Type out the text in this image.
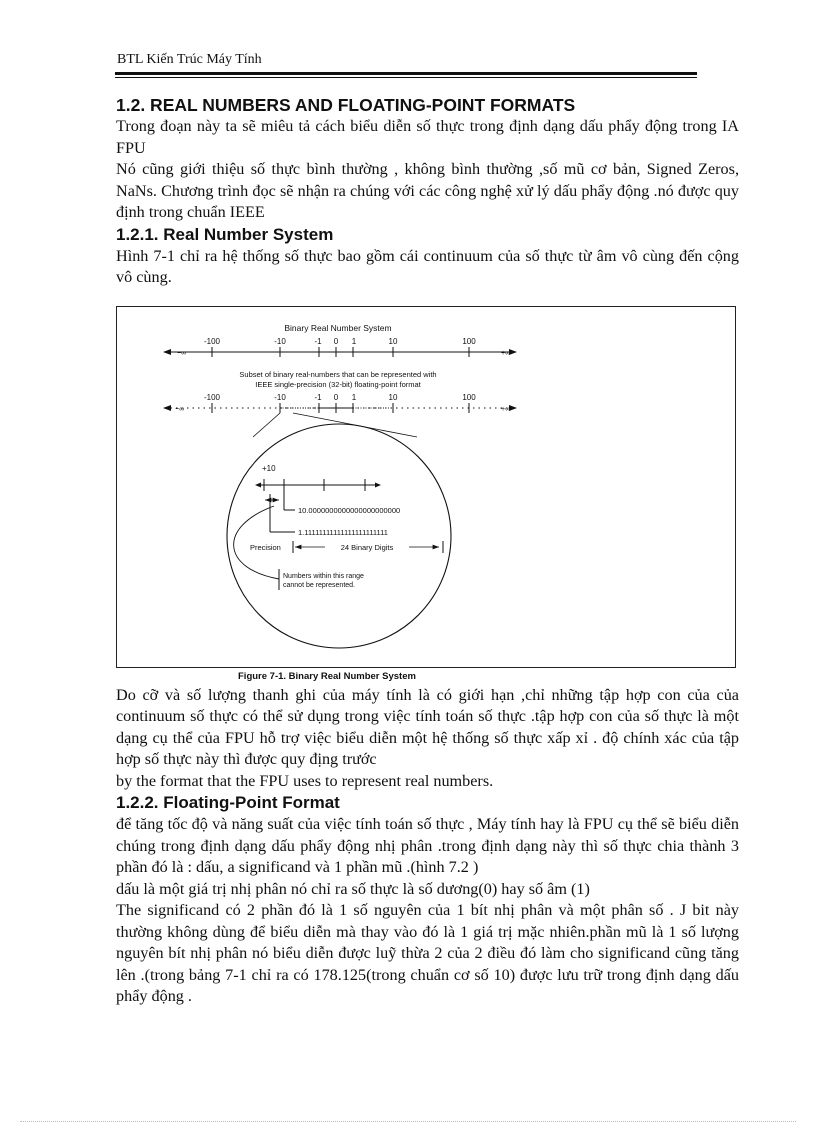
BTL Kiến Trúc Máy Tính
1.2. REAL NUMBERS AND FLOATING-POINT FORMATS

Trong đoạn này ta sẽ miêu tả cách biểu diễn số thực trong định dạng dấu phẩy động trong IA FPU

Nó cũng giới thiệu số thực bình thường , không bình thường ,số mũ cơ bản, Signed Zeros, NaNs. Chương trình đọc sẽ nhận ra chúng với các công nghệ xử lý dấu phẩy động .nó được quy định trong chuẩn IEEE

1.2.1. Real Number System

Hình 7-1 chỉ ra hệ thống số thực bao gồm cái continuum của số thực từ âm vô cùng đến cộng vô cùng.

Binary Real Number System
−∞	+∞
-100	-10	-1 0 1	10	100
Subset of binary real-numbers that can be represented with
IEEE single-precision (32-bit) floating-point format
−∞	+∞
-100	-10	-1 0 1	10	100
+10
10.0000000000000000000000
1.11111111111111111111111
Precision	24 Binary Digits
Numbers within this range
cannot be represented.
Figure 7-1. Binary Real Number System

Do cỡ và số lượng thanh ghi của máy tính là có giới hạn ,chỉ những tập hợp con của của continuum số thực có thể sử dụng trong việc tính toán số thực .tập hợp con của số thực là một dạng cụ thể của FPU hỗ trợ việc biểu diễn một hệ thống số thực xấp xỉ . độ chính xác của tập hợp số thực này thì được quy địng trước

by the format that the FPU uses to represent real numbers.

1.2.2. Floating-Point Format

để tăng tốc độ và năng suất của việc tính toán số thực , Máy tính hay là FPU cụ thể sẽ biểu diễn chúng trong định dạng dấu phẩy động nhị phân .trong định dạng này thì số thực chia thành 3 phần đó là : dấu, a significand và 1 phần mũ .(hình 7.2 )

dấu là một giá trị nhị phân nó chỉ ra số thực là số dương(0) hay số âm (1)

The significand có 2 phần đó là 1 số nguyên của 1 bít nhị phân và một phân số . J bit này thường không dùng để biểu diễn mà thay vào đó là 1 giá trị mặc nhiên.phần mũ là 1 số lượng nguyên bít nhị phân nó biểu diễn được luỹ thừa 2 của 2 điều đó làm cho significand cũng tăng lên .(trong bảng 7-1 chỉ ra có 178.125(trong chuẩn cơ số 10) được lưu trữ trong định dạng dấu phẩy động .
